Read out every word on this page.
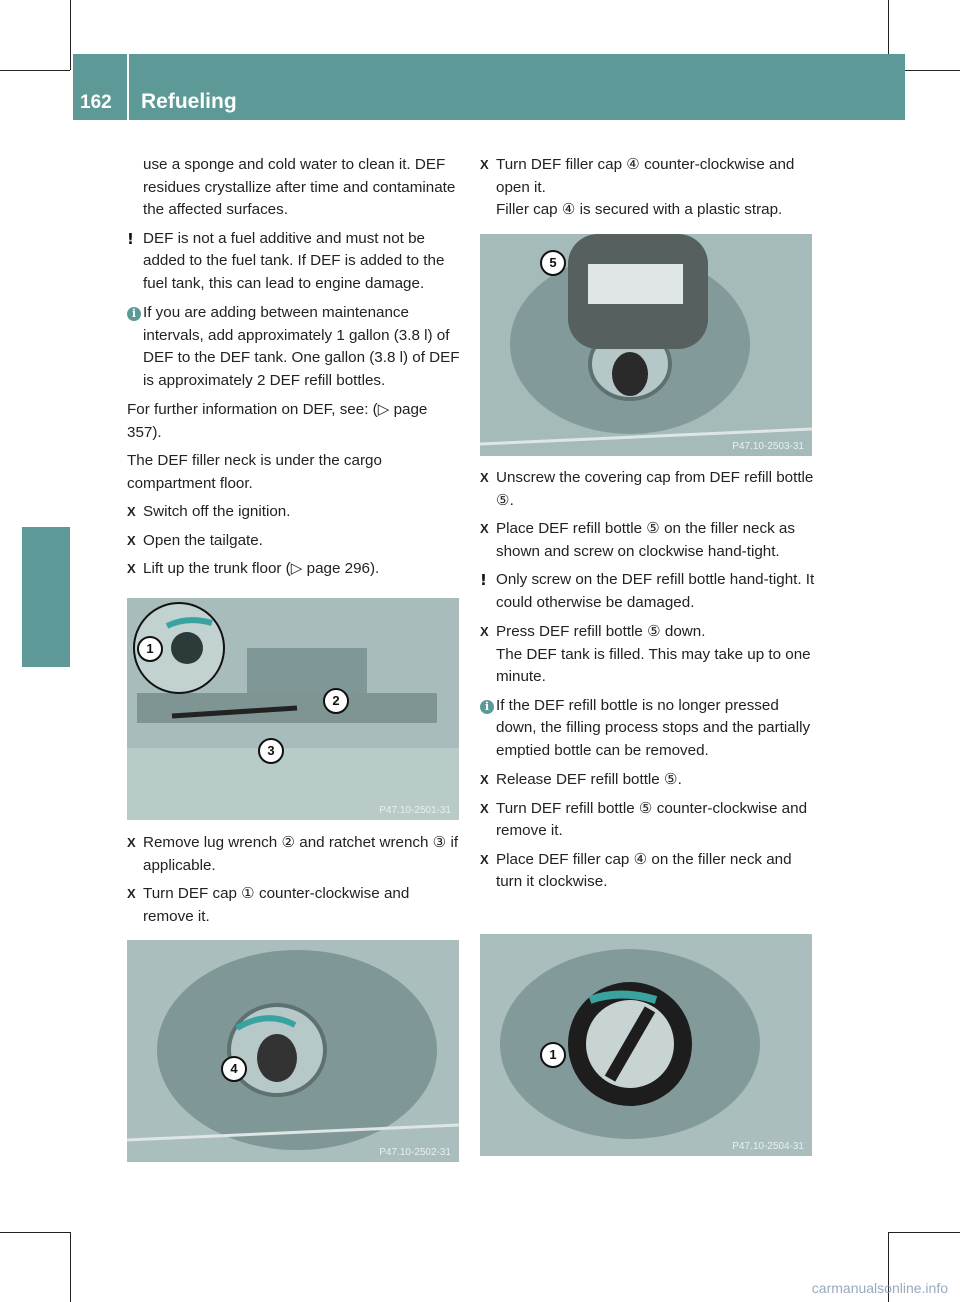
162 Refueling

use a sponge and cold water to clean it. DEF residues crystallize after time and contaminate the affected surfaces.

! DEF is not a fuel additive and must not be added to the fuel tank. If DEF is added to the fuel tank, this can lead to engine damage.
i If you are adding between maintenance intervals, add approximately 1 gallon (3.8 l) of DEF to the DEF tank. One gallon (3.8 l) of DEF is approximately 2 DEF refill bottles.

For further information on DEF, see: (▷ page 357).

The DEF filler neck is under the cargo compartment floor.

X Switch off the ignition.
X Open the tailgate.
X Lift up the trunk floor (▷ page 296).
1
2
3
P47.10-2501-31
X Remove lug wrench ② and ratchet wrench ③ if applicable.
X Turn DEF cap ① counter-clockwise and remove it.
4
P47.10-2502-31
X Turn DEF filler cap ④ counter-clockwise and open it.

Filler cap ④ is secured with a plastic strap.

5
P47.10-2503-31
X Unscrew the covering cap from DEF refill bottle ⑤.
X Place DEF refill bottle ⑤ on the filler neck as shown and screw on clockwise hand-tight.
! Only screw on the DEF refill bottle hand-tight. It could otherwise be damaged.
X Press DEF refill bottle ⑤ down.

The DEF tank is filled. This may take up to one minute.

i If the DEF refill bottle is no longer pressed down, the filling process stops and the partially emptied bottle can be removed.
X Release DEF refill bottle ⑤.
X Turn DEF refill bottle ⑤ counter-clockwise and remove it.
X Place DEF filler cap ④ on the filler neck and turn it clockwise.
1
P47.10-2504-31
carmanualsonline.info
